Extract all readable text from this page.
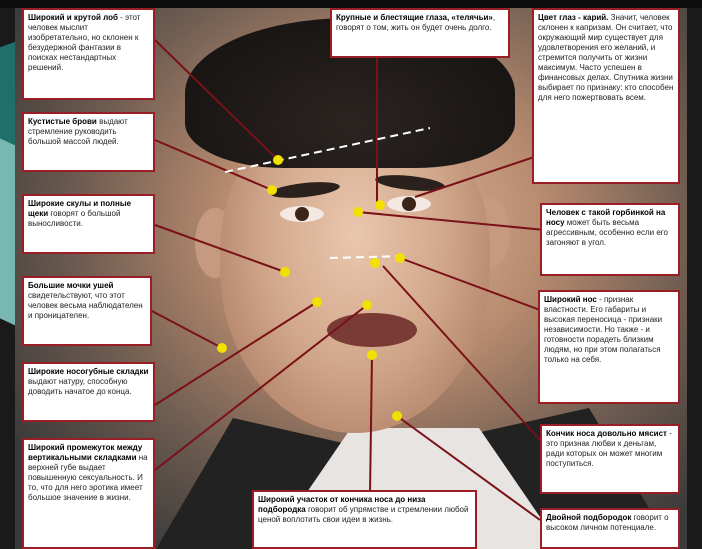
Широкий и крутой лоб - этот человек мыслит изобретательно, но склонен к безудержной фантазии в поисках нестандартных решений.
Кустистые брови выдают стремление руководить большой массой людей.
Широкие скулы и полные щеки говорят о большой выносливости.
Большие мочки ушей свидетельствуют, что этот человек весьма наблюдателен и проницателен.
Широкие носогубные складки выдают натуру, способную доводить начатое до конца.
Широкий промежуток между вертикальными складками на верхней губе выдает повышенную сексуальность. И то, что для него эротика имеет большое значение в жизни.
Крупные и блестящие глаза, «телячьи», говорят о том, жить он будет очень долго.
Цвет глаз - карий. Значит, человек склонен к капризам. Он считает, что окружающий мир существует для удовлетворения его желаний, и стремится получить от жизни максимум. Часто успешен в финансовых делах. Спутника жизни выбирает по признаку: кто способен для него пожертвовать всем.
Человек с такой горбинкой на носу может быть весьма агрессивным, особенно если его загоняют в угол.
Широкий нос - признак властности. Его габариты и высокая переносица - признаки независимости. Но также - и готовности порадеть близким людям, но при этом полагаться только на себя.
Кончик носа довольно мясист - это признак любви к деньгам, ради которых он может многим поступиться.
Двойной подбородок говорит о высоком личном потенциале.
Широкий участок от кончика носа до низа подбородка говорит об упрямстве и стремлении любой ценой воплотить свои идеи в жизнь.
